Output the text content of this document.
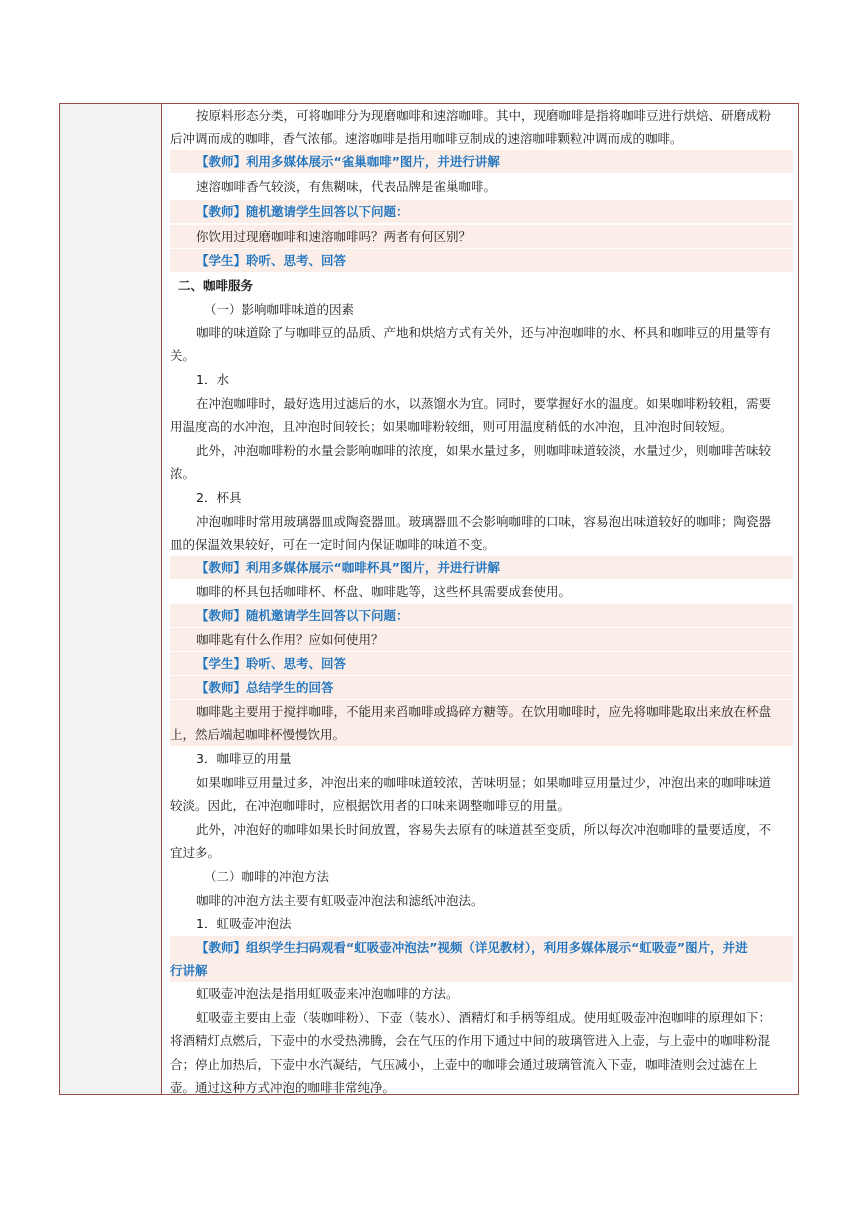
按原料形态分类，可将咖啡分为现磨咖啡和速溶咖啡。其中，现磨咖啡是指将咖啡豆进行烘焙、研磨成粉
后冲调而成的咖啡，香气浓郁。速溶咖啡是指用咖啡豆制成的速溶咖啡颗粒冲调而成的咖啡。
【教师】利用多媒体展示“雀巢咖啡”图片，并进行讲解
速溶咖啡香气较淡，有焦糊味，代表品牌是雀巢咖啡。
【教师】随机邀请学生回答以下问题：
你饮用过现磨咖啡和速溶咖啡吗？两者有何区别？
【学生】聆听、思考、回答
二、咖啡服务
（一）影响咖啡味道的因素
咖啡的味道除了与咖啡豆的品质、产地和烘焙方式有关外，还与冲泡咖啡的水、杯具和咖啡豆的用量等有
关。
1．水
在冲泡咖啡时，最好选用过滤后的水，以蒸馏水为宜。同时，要掌握好水的温度。如果咖啡粉较粗，需要
用温度高的水冲泡，且冲泡时间较长；如果咖啡粉较细，则可用温度稍低的水冲泡，且冲泡时间较短。
此外，冲泡咖啡粉的水量会影响咖啡的浓度，如果水量过多，则咖啡味道较淡，水量过少，则咖啡苦味较
浓。
2．杯具
冲泡咖啡时常用玻璃器皿或陶瓷器皿。玻璃器皿不会影响咖啡的口味，容易泡出味道较好的咖啡；陶瓷器
皿的保温效果较好，可在一定时间内保证咖啡的味道不变。
【教师】利用多媒体展示“咖啡杯具”图片，并进行讲解
咖啡的杯具包括咖啡杯、杯盘、咖啡匙等，这些杯具需要成套使用。
【教师】随机邀请学生回答以下问题：
咖啡匙有什么作用？应如何使用？
【学生】聆听、思考、回答
【教师】总结学生的回答
咖啡匙主要用于搅拌咖啡，不能用来舀咖啡或捣碎方糖等。在饮用咖啡时，应先将咖啡匙取出来放在杯盘
上，然后端起咖啡杯慢慢饮用。
3．咖啡豆的用量
如果咖啡豆用量过多，冲泡出来的咖啡味道较浓，苦味明显；如果咖啡豆用量过少，冲泡出来的咖啡味道
较淡。因此，在冲泡咖啡时，应根据饮用者的口味来调整咖啡豆的用量。
此外，冲泡好的咖啡如果长时间放置，容易失去原有的味道甚至变质，所以每次冲泡咖啡的量要适度，不
宜过多。
（二）咖啡的冲泡方法
咖啡的冲泡方法主要有虹吸壶冲泡法和滤纸冲泡法。
1．虹吸壶冲泡法
【教师】组织学生扫码观看“虹吸壶冲泡法”视频（详见教材），利用多媒体展示“虹吸壶”图片，并进
行讲解
虹吸壶冲泡法是指用虹吸壶来冲泡咖啡的方法。
虹吸壶主要由上壶（装咖啡粉）、下壶（装水）、酒精灯和手柄等组成。使用虹吸壶冲泡咖啡的原理如下：
将酒精灯点燃后，下壶中的水受热沸腾，会在气压的作用下通过中间的玻璃管进入上壶，与上壶中的咖啡粉混
合；停止加热后，下壶中水汽凝结，气压减小，上壶中的咖啡会通过玻璃管流入下壶，咖啡渣则会过滤在上
壶。通过这种方式冲泡的咖啡非常纯净。
